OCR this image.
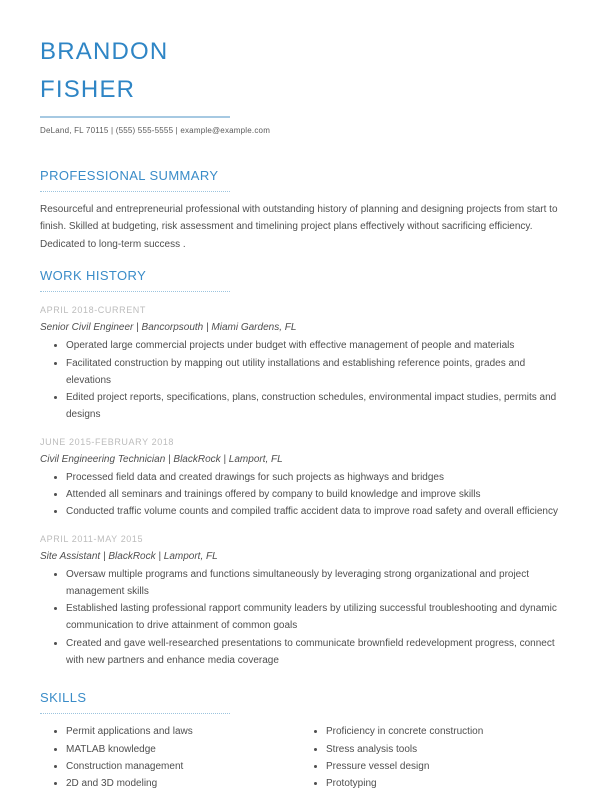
BRANDON
FISHER
DeLand, FL 70115 | (555) 555-5555 | example@example.com
PROFESSIONAL SUMMARY

Resourceful and entrepreneurial professional with outstanding history of planning and designing projects from start to finish. Skilled at budgeting, risk assessment and timelining project plans effectively without sacrificing efficiency. Dedicated to long-term success .

WORK HISTORY
APRIL 2018-CURRENT
Senior Civil Engineer | Bancorpsouth | Miami Gardens, FL
• Operated large commercial projects under budget with effective management of people and materials
• Facilitated construction by mapping out utility installations and establishing reference points, grades and elevations
• Edited project reports, specifications, plans, construction schedules, environmental impact studies, permits and designs
JUNE 2015-FEBRUARY 2018
Civil Engineering Technician | BlackRock | Lamport, FL
• Processed field data and created drawings for such projects as highways and bridges
• Attended all seminars and trainings offered by company to build knowledge and improve skills
• Conducted traffic volume counts and compiled traffic accident data to improve road safety and overall efficiency
APRIL 2011-MAY 2015
Site Assistant | BlackRock | Lamport, FL
• Oversaw multiple programs and functions simultaneously by leveraging strong organizational and project management skills
• Established lasting professional rapport community leaders by utilizing successful troubleshooting and dynamic communication to drive attainment of common goals
• Created and gave well-researched presentations to communicate brownfield redevelopment progress, connect with new partners and enhance media coverage
SKILLS
• Permit applications and laws
• MATLAB knowledge
• Construction management
• 2D and 3D modeling
• Proficiency in concrete construction
• Stress analysis tools
• Pressure vessel design
• Prototyping
